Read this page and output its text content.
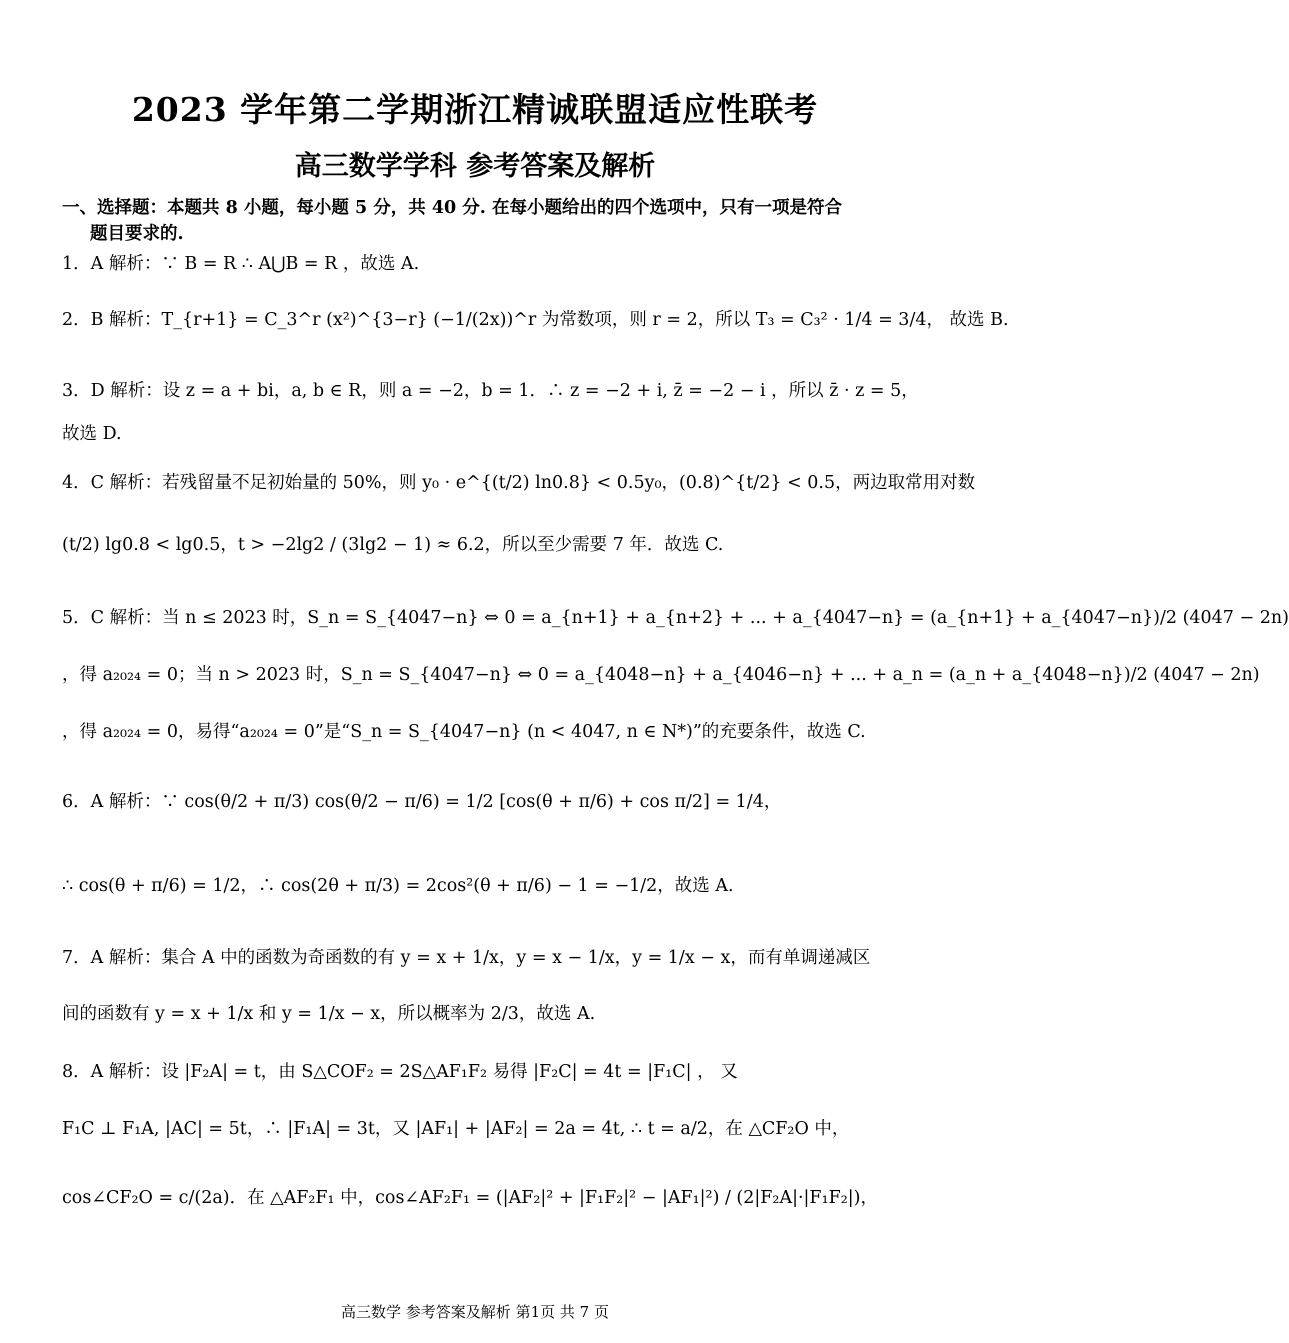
2023 学年第二学期浙江精诚联盟适应性联考
高三数学学科 参考答案及解析
一、选择题：本题共 8 小题，每小题 5 分，共 40 分. 在每小题给出的四个选项中，只有一项是符合
题目要求的.
1．A 解析：∵ B = R ∴ A⋃B = R ，故选 A.
2．B 解析：T_{r+1} = C_3^r (x²)^{3−r} (−1/(2x))^r 为常数项，则 r = 2，所以 T₃ = C₃² · 1/4 = 3/4， 故选 B.
3．D 解析：设 z = a + bi，a, b ∈ R，则 a = −2，b = 1．∴ z = −2 + i, z̄ = −2 − i ，所以 z̄ · z = 5，
故选 D.
4．C 解析：若残留量不足初始量的 50%，则 y₀ · e^{(t/2) ln0.8} < 0.5y₀，(0.8)^{t/2} < 0.5，两边取常用对数
(t/2) lg0.8 < lg0.5，t > −2lg2 / (3lg2 − 1) ≈ 6.2，所以至少需要 7 年．故选 C.
5．C 解析：当 n ≤ 2023 时，S_n = S_{4047−n} ⇔ 0 = a_{n+1} + a_{n+2} + ... + a_{4047−n} = (a_{n+1} + a_{4047−n})/2 (4047 − 2n)
，得 a₂₀₂₄ = 0；当 n > 2023 时，S_n = S_{4047−n} ⇔ 0 = a_{4048−n} + a_{4046−n} + ... + a_n = (a_n + a_{4048−n})/2 (4047 − 2n)
，得 a₂₀₂₄ = 0，易得“a₂₀₂₄ = 0”是“S_n = S_{4047−n} (n < 4047, n ∈ N*)”的充要条件，故选 C.
6．A 解析：∵ cos(θ/2 + π/3) cos(θ/2 − π/6) = 1/2 [cos(θ + π/6) + cos π/2] = 1/4，
∴ cos(θ + π/6) = 1/2，∴ cos(2θ + π/3) = 2cos²(θ + π/6) − 1 = −1/2，故选 A.
7．A 解析：集合 A 中的函数为奇函数的有 y = x + 1/x，y = x − 1/x，y = 1/x − x，而有单调递减区
间的函数有 y = x + 1/x 和 y = 1/x − x，所以概率为 2/3，故选 A.
8．A 解析：设 |F₂A| = t，由 S△COF₂ = 2S△AF₁F₂ 易得 |F₂C| = 4t = |F₁C| ， 又
F₁C ⊥ F₁A, |AC| = 5t，∴ |F₁A| = 3t，又 |AF₁| + |AF₂| = 2a = 4t, ∴ t = a/2，在 △CF₂O 中，
cos∠CF₂O = c/(2a)．在 △AF₂F₁ 中，cos∠AF₂F₁ = (|AF₂|² + |F₁F₂|² − |AF₁|²) / (2|F₂A|·|F₁F₂|)，
高三数学 参考答案及解析 第1页 共 7 页
